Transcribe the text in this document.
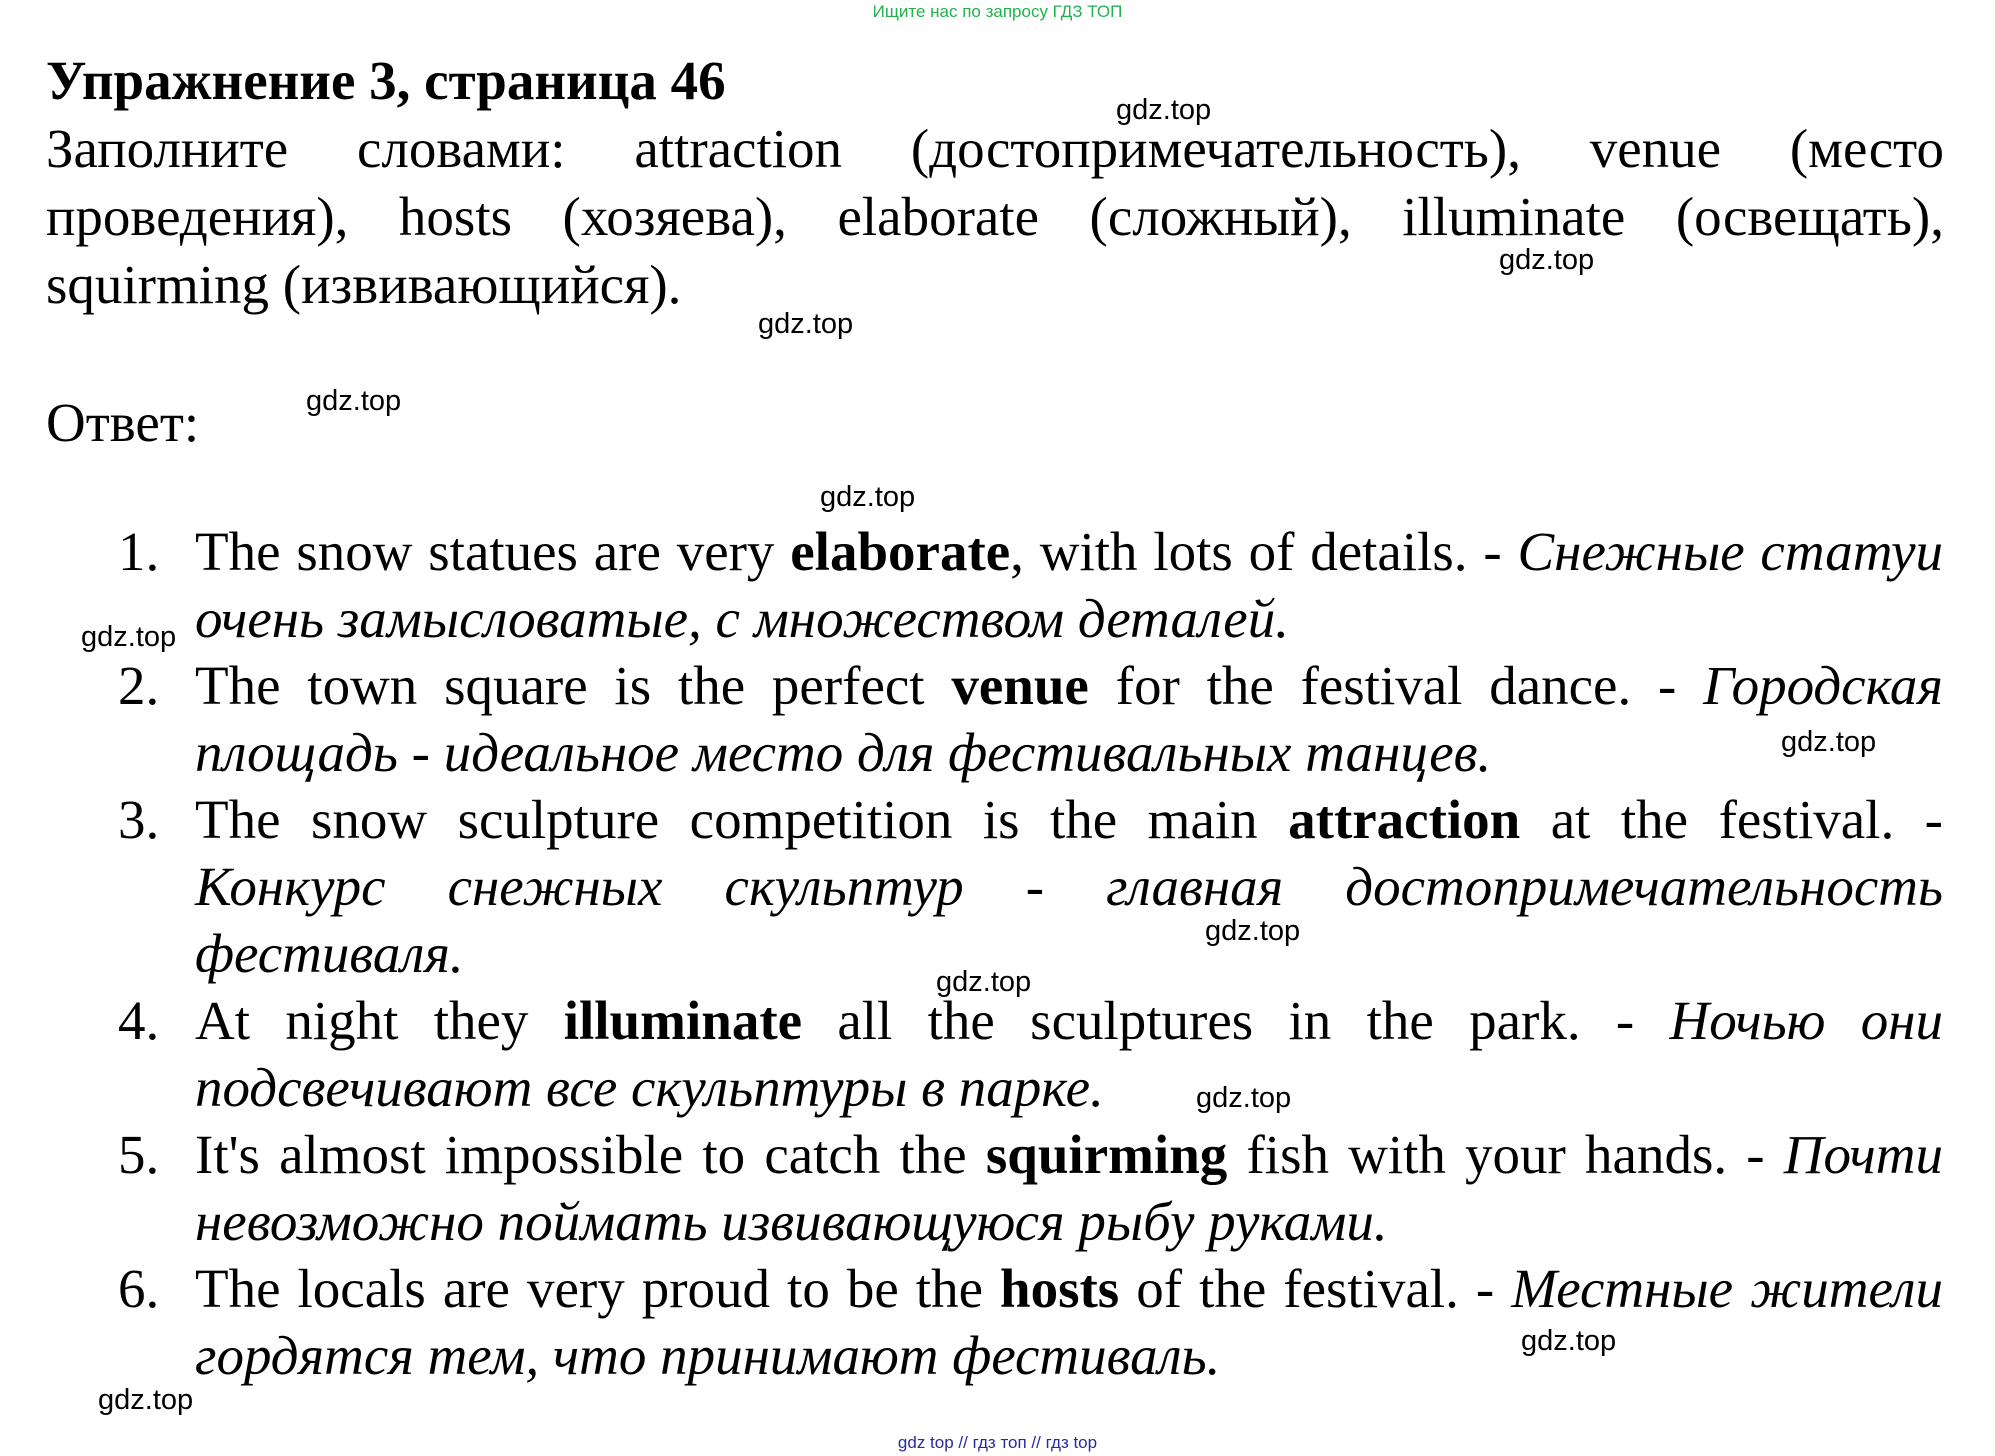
Ищите нас по запросу ГДЗ ТОП
Упражнение 3, страница 46

Заполните словами: attraction (достопримечательность), venue (место проведения), hosts (хозяева), elaborate (сложный), illuminate (освещать), squirming (извивающийся).

Ответ:

1. The snow statues are very elaborate, with lots of details. - Снежные статуи очень замысловатые, с множеством деталей.
2. The town square is the perfect venue for the festival dance. - Городская площадь - идеальное место для фестивальных танцев.
3. The snow sculpture competition is the main attraction at the festival. - Конкурс снежных скульптур - главная достопримечательность фестиваля.
4. At night they illuminate all the sculptures in the park. - Ночью они подсвечивают все скульптуры в парке.
5. It's almost impossible to catch the squirming fish with your hands. - Почти невозможно поймать извивающуюся рыбу руками.
6. The locals are very proud to be the hosts of the festival. - Местные жители гордятся тем, что принимают фестиваль.
gdz.top
gdz.top
gdz.top
gdz.top
gdz.top
gdz.top
gdz.top
gdz.top
gdz.top
gdz.top
gdz.top
gdz.top
gdz top // гдз топ // гдз top
